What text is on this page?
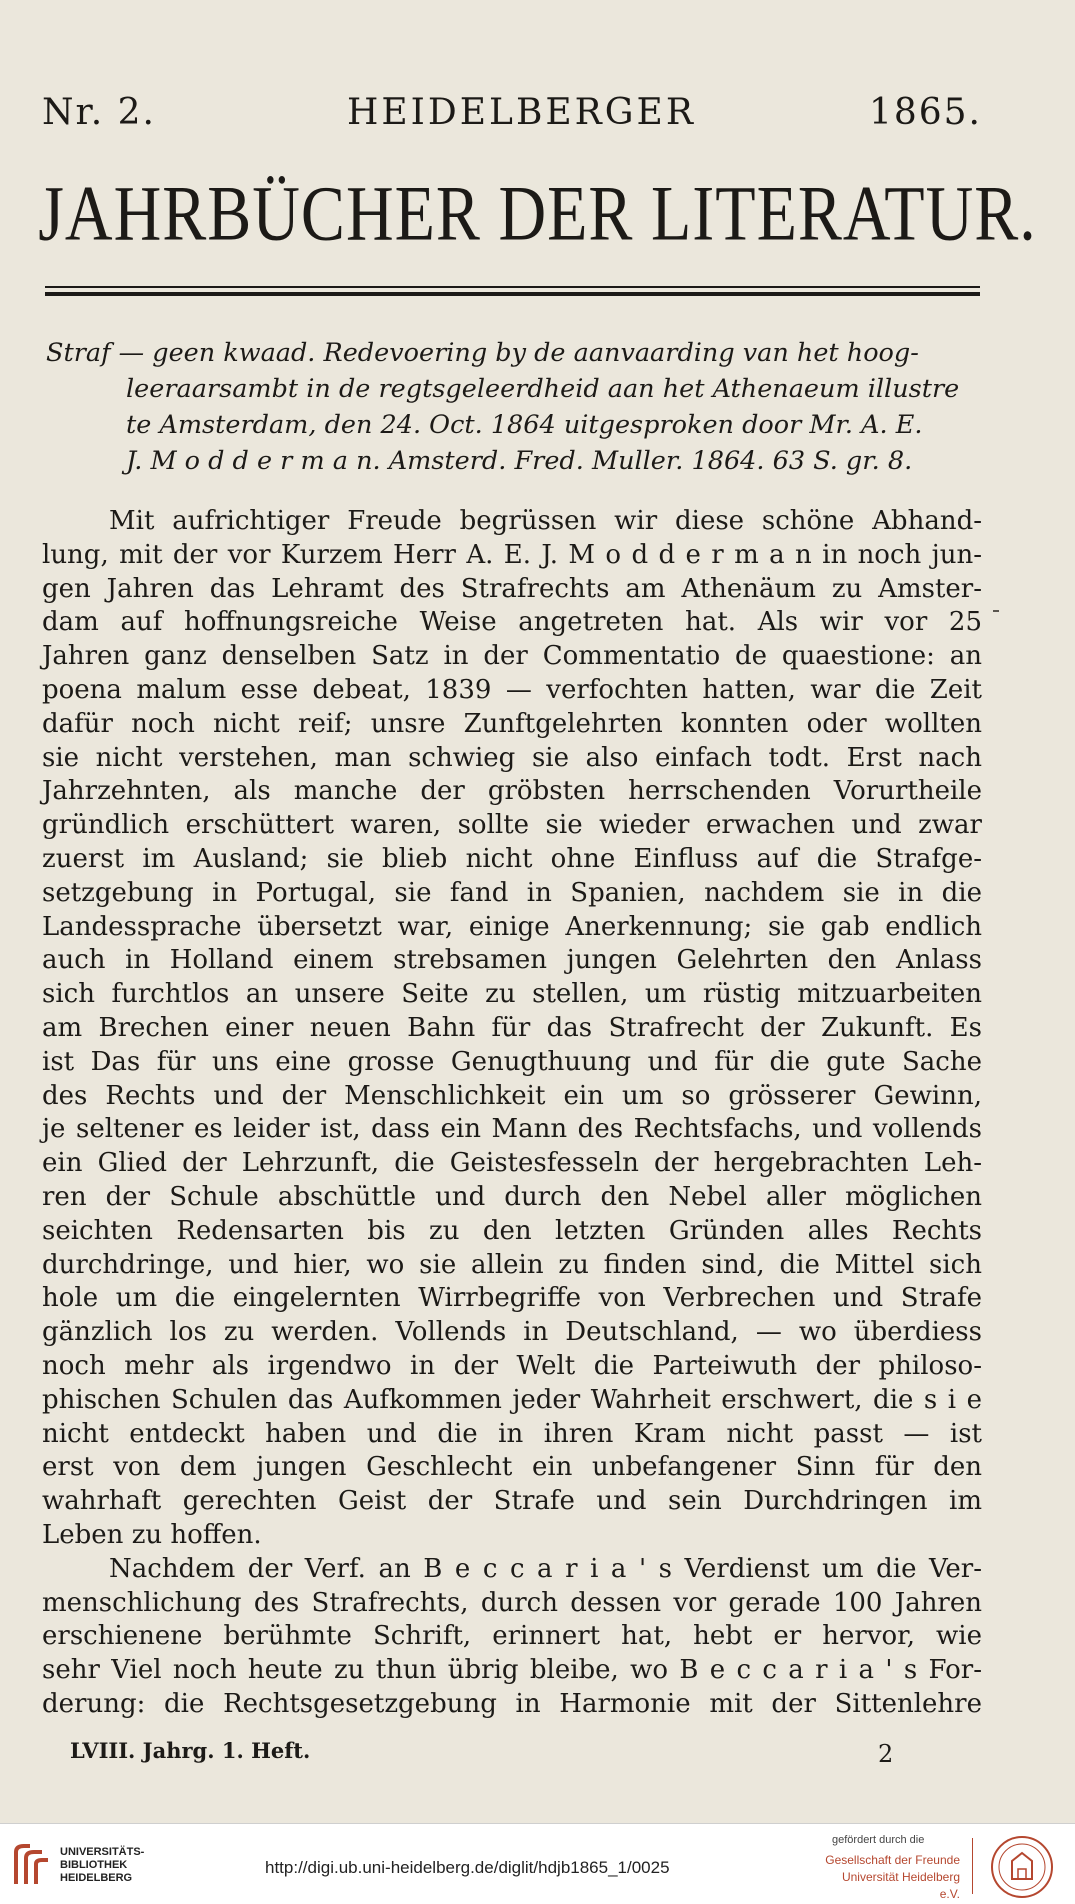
Nr. 2.	HEIDELBERGER	1865.
JAHRBÜCHER DER LITERATUR.
Straf — geen kwaad. Redevoering by de aanvaarding van het hoog-
leeraarsambt in de regtsgeleerdheid aan het Athenaeum illustre
te Amsterdam, den 24. Oct. 1864 uitgesproken door Mr. A. E.
J. M o d d e r m a n. Amsterd. Fred. Muller. 1864. 63 S. gr. 8.
Mit aufrichtiger Freude begrüssen wir diese schöne Abhand-
lung, mit der vor Kurzem Herr A. E. J. M o d d e r m a n in noch jun-
gen Jahren das Lehramt des Strafrechts am Athenäum zu Amster-
dam auf hoffnungsreiche Weise angetreten hat. Als wir vor 25
Jahren ganz denselben Satz in der Commentatio de quaestione: an
poena malum esse debeat, 1839 — verfochten hatten, war die Zeit
dafür noch nicht reif; unsre Zunftgelehrten konnten oder wollten
sie nicht verstehen, man schwieg sie also einfach todt. Erst nach
Jahrzehnten, als manche der gröbsten herrschenden Vorurtheile
gründlich erschüttert waren, sollte sie wieder erwachen und zwar
zuerst im Ausland; sie blieb nicht ohne Einfluss auf die Strafge-
setzgebung in Portugal, sie fand in Spanien, nachdem sie in die
Landessprache übersetzt war, einige Anerkennung; sie gab endlich
auch in Holland einem strebsamen jungen Gelehrten den Anlass
sich furchtlos an unsere Seite zu stellen, um rüstig mitzuarbeiten
am Brechen einer neuen Bahn für das Strafrecht der Zukunft. Es
ist Das für uns eine grosse Genugthuung und für die gute Sache
des Rechts und der Menschlichkeit ein um so grösserer Gewinn,
je seltener es leider ist, dass ein Mann des Rechtsfachs, und vollends
ein Glied der Lehrzunft, die Geistesfesseln der hergebrachten Leh-
ren der Schule abschüttle und durch den Nebel aller möglichen
seichten Redensarten bis zu den letzten Gründen alles Rechts
durchdringe, und hier, wo sie allein zu finden sind, die Mittel sich
hole um die eingelernten Wirrbegriffe von Verbrechen und Strafe
gänzlich los zu werden. Vollends in Deutschland, — wo überdiess
noch mehr als irgendwo in der Welt die Parteiwuth der philoso-
phischen Schulen das Aufkommen jeder Wahrheit erschwert, die s i e
nicht entdeckt haben und die in ihren Kram nicht passt — ist
erst von dem jungen Geschlecht ein unbefangener Sinn für den
wahrhaft gerechten Geist der Strafe und sein Durchdringen im
Leben zu hoffen.
Nachdem der Verf. an B e c c a r i a ' s Verdienst um die Ver-
menschlichung des Strafrechts, durch dessen vor gerade 100 Jahren
erschienene berühmte Schrift, erinnert hat, hebt er hervor, wie
sehr Viel noch heute zu thun übrig bleibe, wo B e c c a r i a ' s For-
derung: die Rechtsgesetzgebung in Harmonie mit der Sittenlehre
LVIII. Jahrg. 1. Heft.	2
UNIVERSITÄTS-
BIBLIOTHEK
HEIDELBERG
http://digi.ub.uni-heidelberg.de/diglit/hdjb1865_1/0025
gefördert durch die
Gesellschaft der Freunde
Universität Heidelberg e.V.
